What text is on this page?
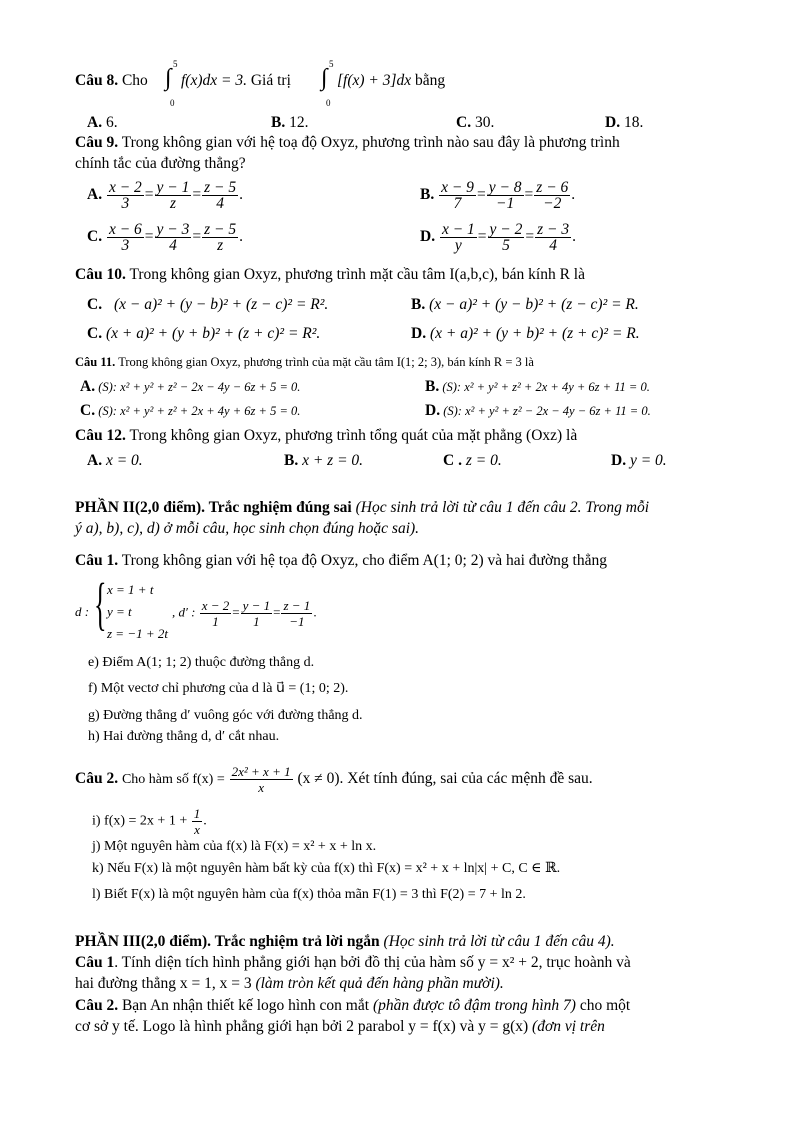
Câu 8. Cho ∫
5
0
f(x)dx = 3. Giá trị ∫
5
0
[f(x) + 3]dx bằng
A. 6.	B. 12.	C. 30.	D. 18.
Câu 9. Trong không gian với hệ toạ độ Oxyz, phương trình nào sau đây là phương trình
chính tắc của đường thẳng?
A. $\frac{x - 2}{3} = \frac{y - 1}{z} = \frac{z - 5}{4}$ .	B. $\frac{x - 9}{7} = \frac{y - 8}{-1} = \frac{z - 6}{-2}$ .
C. $\frac{x - 6}{3} = \frac{y - 3}{4} = \frac{z - 5}{z}$ .	D. $\frac{x - 1}{y} = \frac{y - 2}{5} = \frac{z - 3}{4}$ .
Câu 10. Trong không gian Oxyz, phương trình mặt cầu tâm I(a,b,c), bán kính R là
C. (x − a)² + (y − b)² + (z − c)² = R².	B. (x − a)² + (y − b)² + (z − c)² = R.
C. (x + a)² + (y + b)² + (z + c)² = R².	D. (x + a)² + (y + b)² + (z + c)² = R.
Câu 11. Trong không gian Oxyz, phương trình của mặt cầu tâm I(1; 2; 3), bán kính R = 3 là
A. (S): x² + y² + z² − 2x − 4y − 6z + 5 = 0.	B. (S): x² + y² + z² + 2x + 4y + 6z + 11 = 0.
C. (S): x² + y² + z² + 2x + 4y + 6z + 5 = 0.	D. (S): x² + y² + z² − 2x − 4y − 6z + 11 = 0.
Câu 12. Trong không gian Oxyz, phương trình tổng quát của mặt phẳng (Oxz) là
A. x = 0.	B. x + z = 0.	C . z = 0.	D. y = 0.
PHẦN II(2,0 điểm). Trắc nghiệm đúng sai (Học sinh trả lời từ câu 1 đến câu 2. Trong mỗi
ý a), b), c), d) ở mỗi câu, học sinh chọn đúng hoặc sai).
Câu 1. Trong không gian với hệ tọa độ Oxyz, cho điểm A(1; 0; 2) và hai đường thẳng
d : { x = 1 + t
y = t
z = −1 + 2t
, d′ : $\frac{x - 2}{1} = \frac{y - 1}{1} = \frac{z - 1}{-1}$ .
e) Điểm A(1; 1; 2) thuộc đường thẳng d.
f) Một vectơ chỉ phương của d là u⃗ = (1; 0; 2).
g) Đường thẳng d′ vuông góc với đường thẳng d.
h) Hai đường thẳng d, d′ cắt nhau.
Câu 2. Cho hàm số $f(x) = \frac{\text{2x² + x + 1}}{x} (x \ne 0)$. Xét tính đúng, sai của các mệnh đề sau.
i) $f(x) = 2x + 1 + \frac{1}{x}$ .
j) Một nguyên hàm của f(x) là F(x) = x² + x + ln x.
k) Nếu F(x) là một nguyên hàm bất kỳ của f(x) thì F(x) = x² + x + ln|x| + C, C ∈ ℝ.
l) Biết F(x) là một nguyên hàm của f(x) thỏa mãn F(1) = 3 thì F(2) = 7 + ln 2.
PHẦN III(2,0 điểm). Trắc nghiệm trả lời ngắn (Học sinh trả lời từ câu 1 đến câu 4).
Câu 1. Tính diện tích hình phẳng giới hạn bởi đồ thị của hàm số y = x² + 2, trục hoành và
hai đường thẳng x = 1, x = 3 (làm tròn kết quả đến hàng phần mười).
Câu 2. Bạn An nhận thiết kế logo hình con mắt (phần được tô đậm trong hình 7) cho một
cơ sở y tế. Logo là hình phẳng giới hạn bởi 2 parabol y = f(x) và y = g(x) (đơn vị trên
